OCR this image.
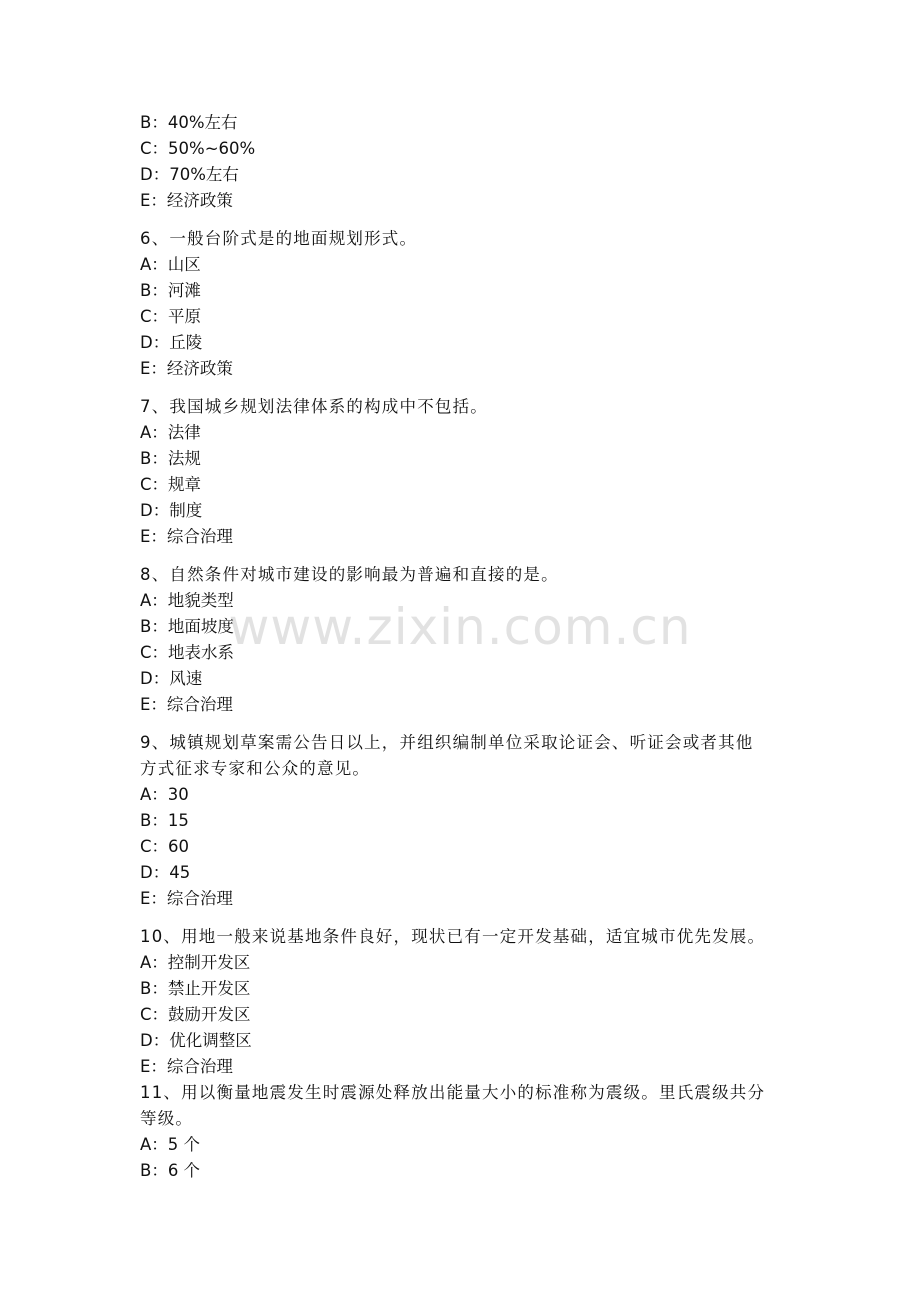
B：40%左右
C：50%~60%
D：70%左右
E：经济政策
6、一般台阶式是的地面规划形式。
A：山区
B：河滩
C：平原
D：丘陵
E：经济政策
7、我国城乡规划法律体系的构成中不包括。
A：法律
B：法规
C：规章
D：制度
E：综合治理
8、自然条件对城市建设的影响最为普遍和直接的是。
A：地貌类型
B：地面坡度
C：地表水系
D：风速
E：综合治理
9、城镇规划草案需公告日以上，并组织编制单位采取论证会、听证会或者其他
方式征求专家和公众的意见。
A：30
B：15
C：60
D：45
E：综合治理
10、用地一般来说基地条件良好，现状已有一定开发基础，适宜城市优先发展。
A：控制开发区
B：禁止开发区
C：鼓励开发区
D：优化调整区
E：综合治理
11、用以衡量地震发生时震源处释放出能量大小的标准称为震级。里氏震级共分
等级。
A：5 个
B：6 个
www.zixin.com.cn
